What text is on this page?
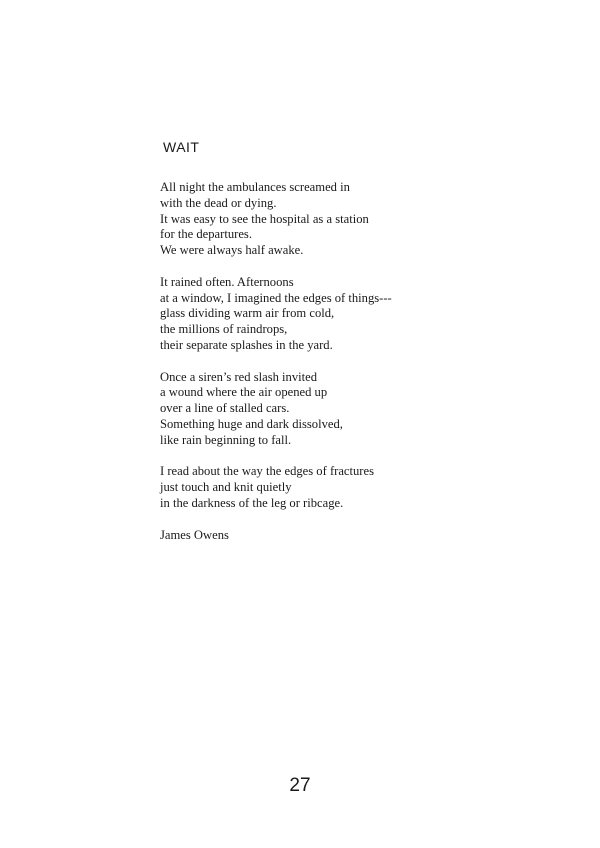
WAIT
All night the ambulances screamed in
with the dead or dying.
It was easy to see the hospital as a station
for the departures.
We were always half awake.
It rained often. Afternoons
at a window, I imagined the edges of things---
glass dividing warm air from cold,
the millions of raindrops,
their separate splashes in the yard.
Once a siren’s red slash invited
a wound where the air opened up
over a line of stalled cars.
Something huge and dark dissolved,
like rain beginning to fall.
I read about the way the edges of fractures
just touch and knit quietly
in the darkness of the leg or ribcage.
James Owens
27
